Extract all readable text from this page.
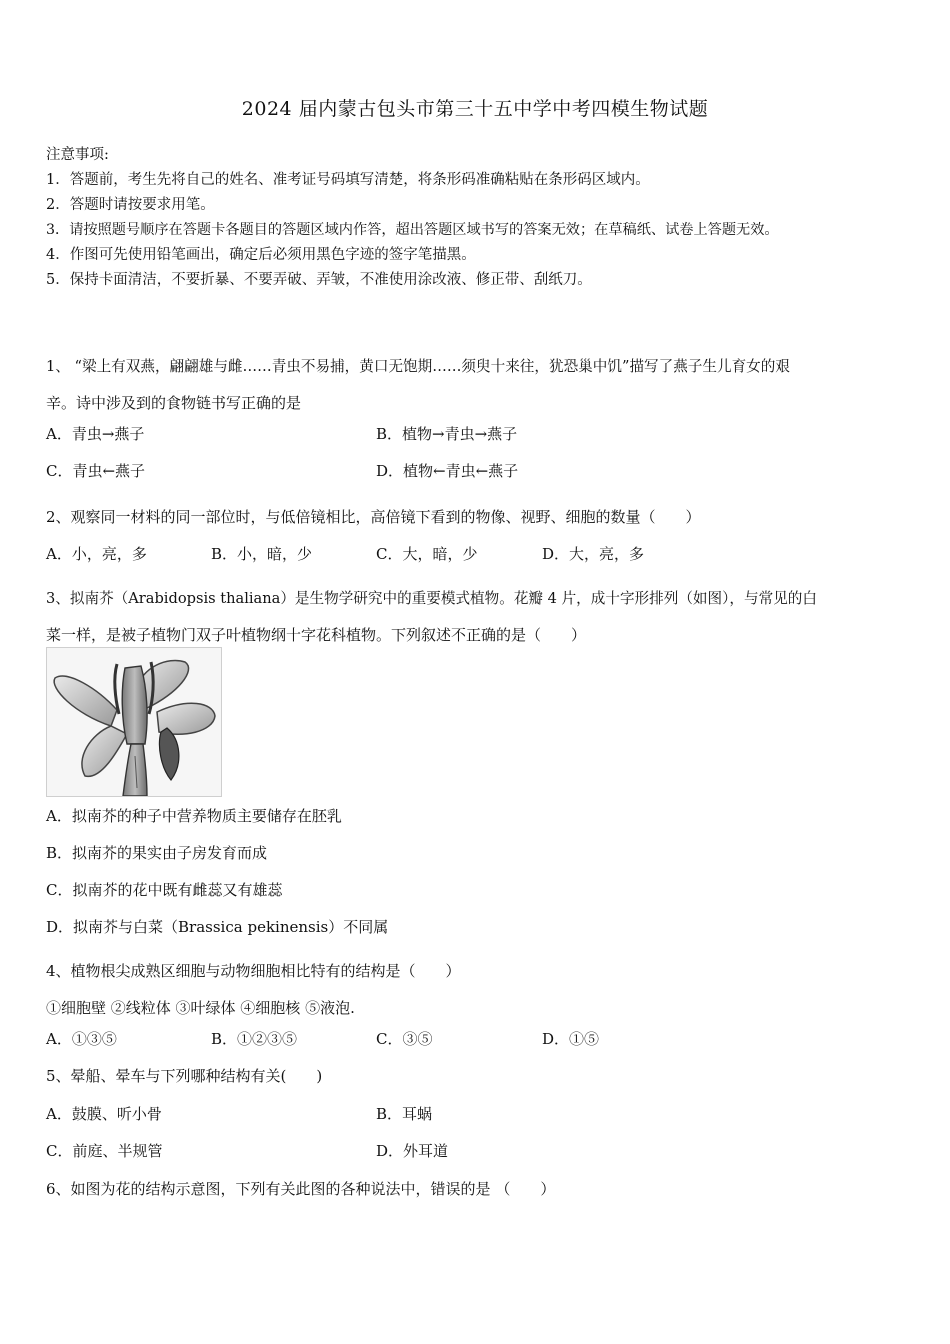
2024 届内蒙古包头市第三十五中学中考四模生物试题
注意事项:
1．答题前，考生先将自己的姓名、准考证号码填写清楚，将条形码准确粘贴在条形码区域内。
2．答题时请按要求用笔。
3．请按照题号顺序在答题卡各题目的答题区域内作答，超出答题区域书写的答案无效；在草稿纸、试卷上答题无效。
4．作图可先使用铅笔画出，确定后必须用黑色字迹的签字笔描黑。
5．保持卡面清洁，不要折暴、不要弄破、弄皱，不准使用涂改液、修正带、刮纸刀。
1、 “梁上有双燕，翩翩雄与雌……青虫不易捕，黄口无饱期……须臾十来往，犹恐巢中饥”描写了燕子生儿育女的艰
辛。诗中涉及到的食物链书写正确的是
A．青虫→燕子	B．植物→青虫→燕子
C．青虫←燕子	D．植物←青虫←燕子
2、观察同一材料的同一部位时，与低倍镜相比，高倍镜下看到的物像、视野、细胞的数量（　　）
A．小，亮，多	B．小，暗，少	C．大，暗，少	D．大，亮，多
3、拟南芥（Arabidopsis thaliana）是生物学研究中的重要模式植物。花瓣 4 片，成十字形排列（如图），与常见的白
菜一样，是被子植物门双子叶植物纲十字花科植物。下列叙述不正确的是（　　）
A．拟南芥的种子中营养物质主要储存在胚乳
B．拟南芥的果实由子房发育而成
C．拟南芥的花中既有雌蕊又有雄蕊
D．拟南芥与白菜（Brassica pekinensis）不同属
4、植物根尖成熟区细胞与动物细胞相比特有的结构是（　　）
①细胞壁 ②线粒体 ③叶绿体 ④细胞核 ⑤液泡.
A．①③⑤	B．①②③⑤	C．③⑤	D．①⑤
5、晕船、晕车与下列哪种结构有关(　　)
A．鼓膜、听小骨	B．耳蜗
C．前庭、半规管	D．外耳道
6、如图为花的结构示意图，下列有关此图的各种说法中，错误的是 （　　）
